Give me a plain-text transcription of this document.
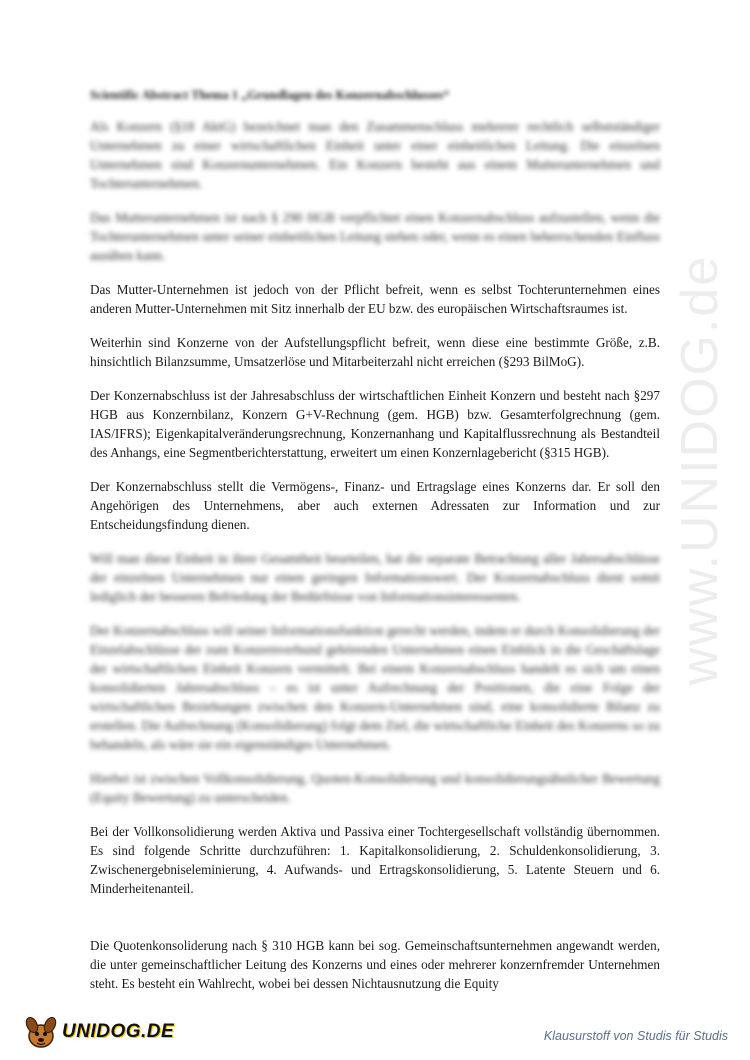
www.UNIDOG.de
Scientific Abstract Thema 1 „Grundlagen des Konzernabschlusses“

Als Konzern (§18 AktG) bezeichnet man den Zusammenschluss mehrerer rechtlich selbstständiger Unternehmen zu einer wirtschaftlichen Einheit unter einer einheitlichen Leitung. Die einzelnen Unternehmen sind Konzernunternehmen. Ein Konzern besteht aus einem Mutterunternehmen und Tochterunternehmen.

Das Mutterunternehmen ist nach § 290 HGB verpflichtet einen Konzernabschluss aufzustellen, wenn die Tochterunternehmen unter seiner einheitlichen Leitung stehen oder, wenn es einen beherrschenden Einfluss ausüben kann.

Das Mutter-Unternehmen ist jedoch von der Pflicht befreit, wenn es selbst Tochterunternehmen eines anderen Mutter-Unternehmen mit Sitz innerhalb der EU bzw. des europäischen Wirtschaftsraumes ist.

Weiterhin sind Konzerne von der Aufstellungspflicht befreit, wenn diese eine bestimmte Größe, z.B. hinsichtlich Bilanzsumme, Umsatzerlöse und Mitarbeiterzahl nicht erreichen (§293 BilMoG).

Der Konzernabschluss ist der Jahresabschluss der wirtschaftlichen Einheit Konzern und besteht nach §297 HGB aus Konzernbilanz, Konzern G+V-Rechnung (gem. HGB) bzw. Gesamterfolgrechnung (gem. IAS/IFRS); Eigenkapitalveränderungsrechnung, Konzernanhang und Kapitalflussrechnung als Bestandteil des Anhangs, eine Segmentberichterstattung, erweitert um einen Konzernlagebericht (§315 HGB).

Der Konzernabschluss stellt die Vermögens-, Finanz- und Ertragslage eines Konzerns dar. Er soll den Angehörigen des Unternehmens, aber auch externen Adressaten zur Information und zur Entscheidungsfindung dienen.

Will man diese Einheit in ihrer Gesamtheit beurteilen, hat die separate Betrachtung aller Jahresabschlüsse der einzelnen Unternehmen nur einen geringen Informationswert. Der Konzernabschluss dient somit lediglich der besseren Befriedung der Bedürfnisse von Informationsinteressenten.

Der Konzernabschluss will seiner Informationsfunktion gerecht werden, indem er durch Konsolidierung der Einzelabschlüsse der zum Konzernverbund gehörenden Unternehmen einen Einblick in die Geschäftslage der wirtschaftlichen Einheit Konzern vermittelt. Bei einem Konzernabschluss handelt es sich um einen konsolidierten Jahresabschluss – es ist unter Aufrechnung der Positionen, die eine Folge der wirtschaftlichen Beziehungen zwischen den Konzern-Unternehmen sind, eine konsolidierte Bilanz zu erstellen. Die Aufrechnung (Konsolidierung) folgt dem Ziel, die wirtschaftliche Einheit des Konzerns so zu behandeln, als wäre sie ein eigenständiges Unternehmen.

Hierbei ist zwischen Vollkonsolidierung, Quoten-Konsolidierung und konsolidierungsähnlicher Bewertung (Equity Bewertung) zu unterscheiden.

Bei der Vollkonsolidierung werden Aktiva und Passiva einer Tochtergesellschaft vollständig übernommen. Es sind folgende Schritte durchzuführen: 1. Kapitalkonsolidierung, 2. Schuldenkonsolidierung, 3. Zwischenergebniseleminierung, 4. Aufwands- und Ertragskonsolidierung, 5. Latente Steuern und 6. Minderheitenanteil.

Die Quotenkonsoliderung nach § 310 HGB kann bei sog. Gemeinschaftsunternehmen angewandt werden, die unter gemeinschaftlicher Leitung des Konzerns und eines oder mehrerer konzernfremder Unternehmen steht. Es besteht ein Wahlrecht, wobei bei dessen Nichtausnutzung die Equity

UNIDOG.DE	Klausurstoff von Studis für Studis
